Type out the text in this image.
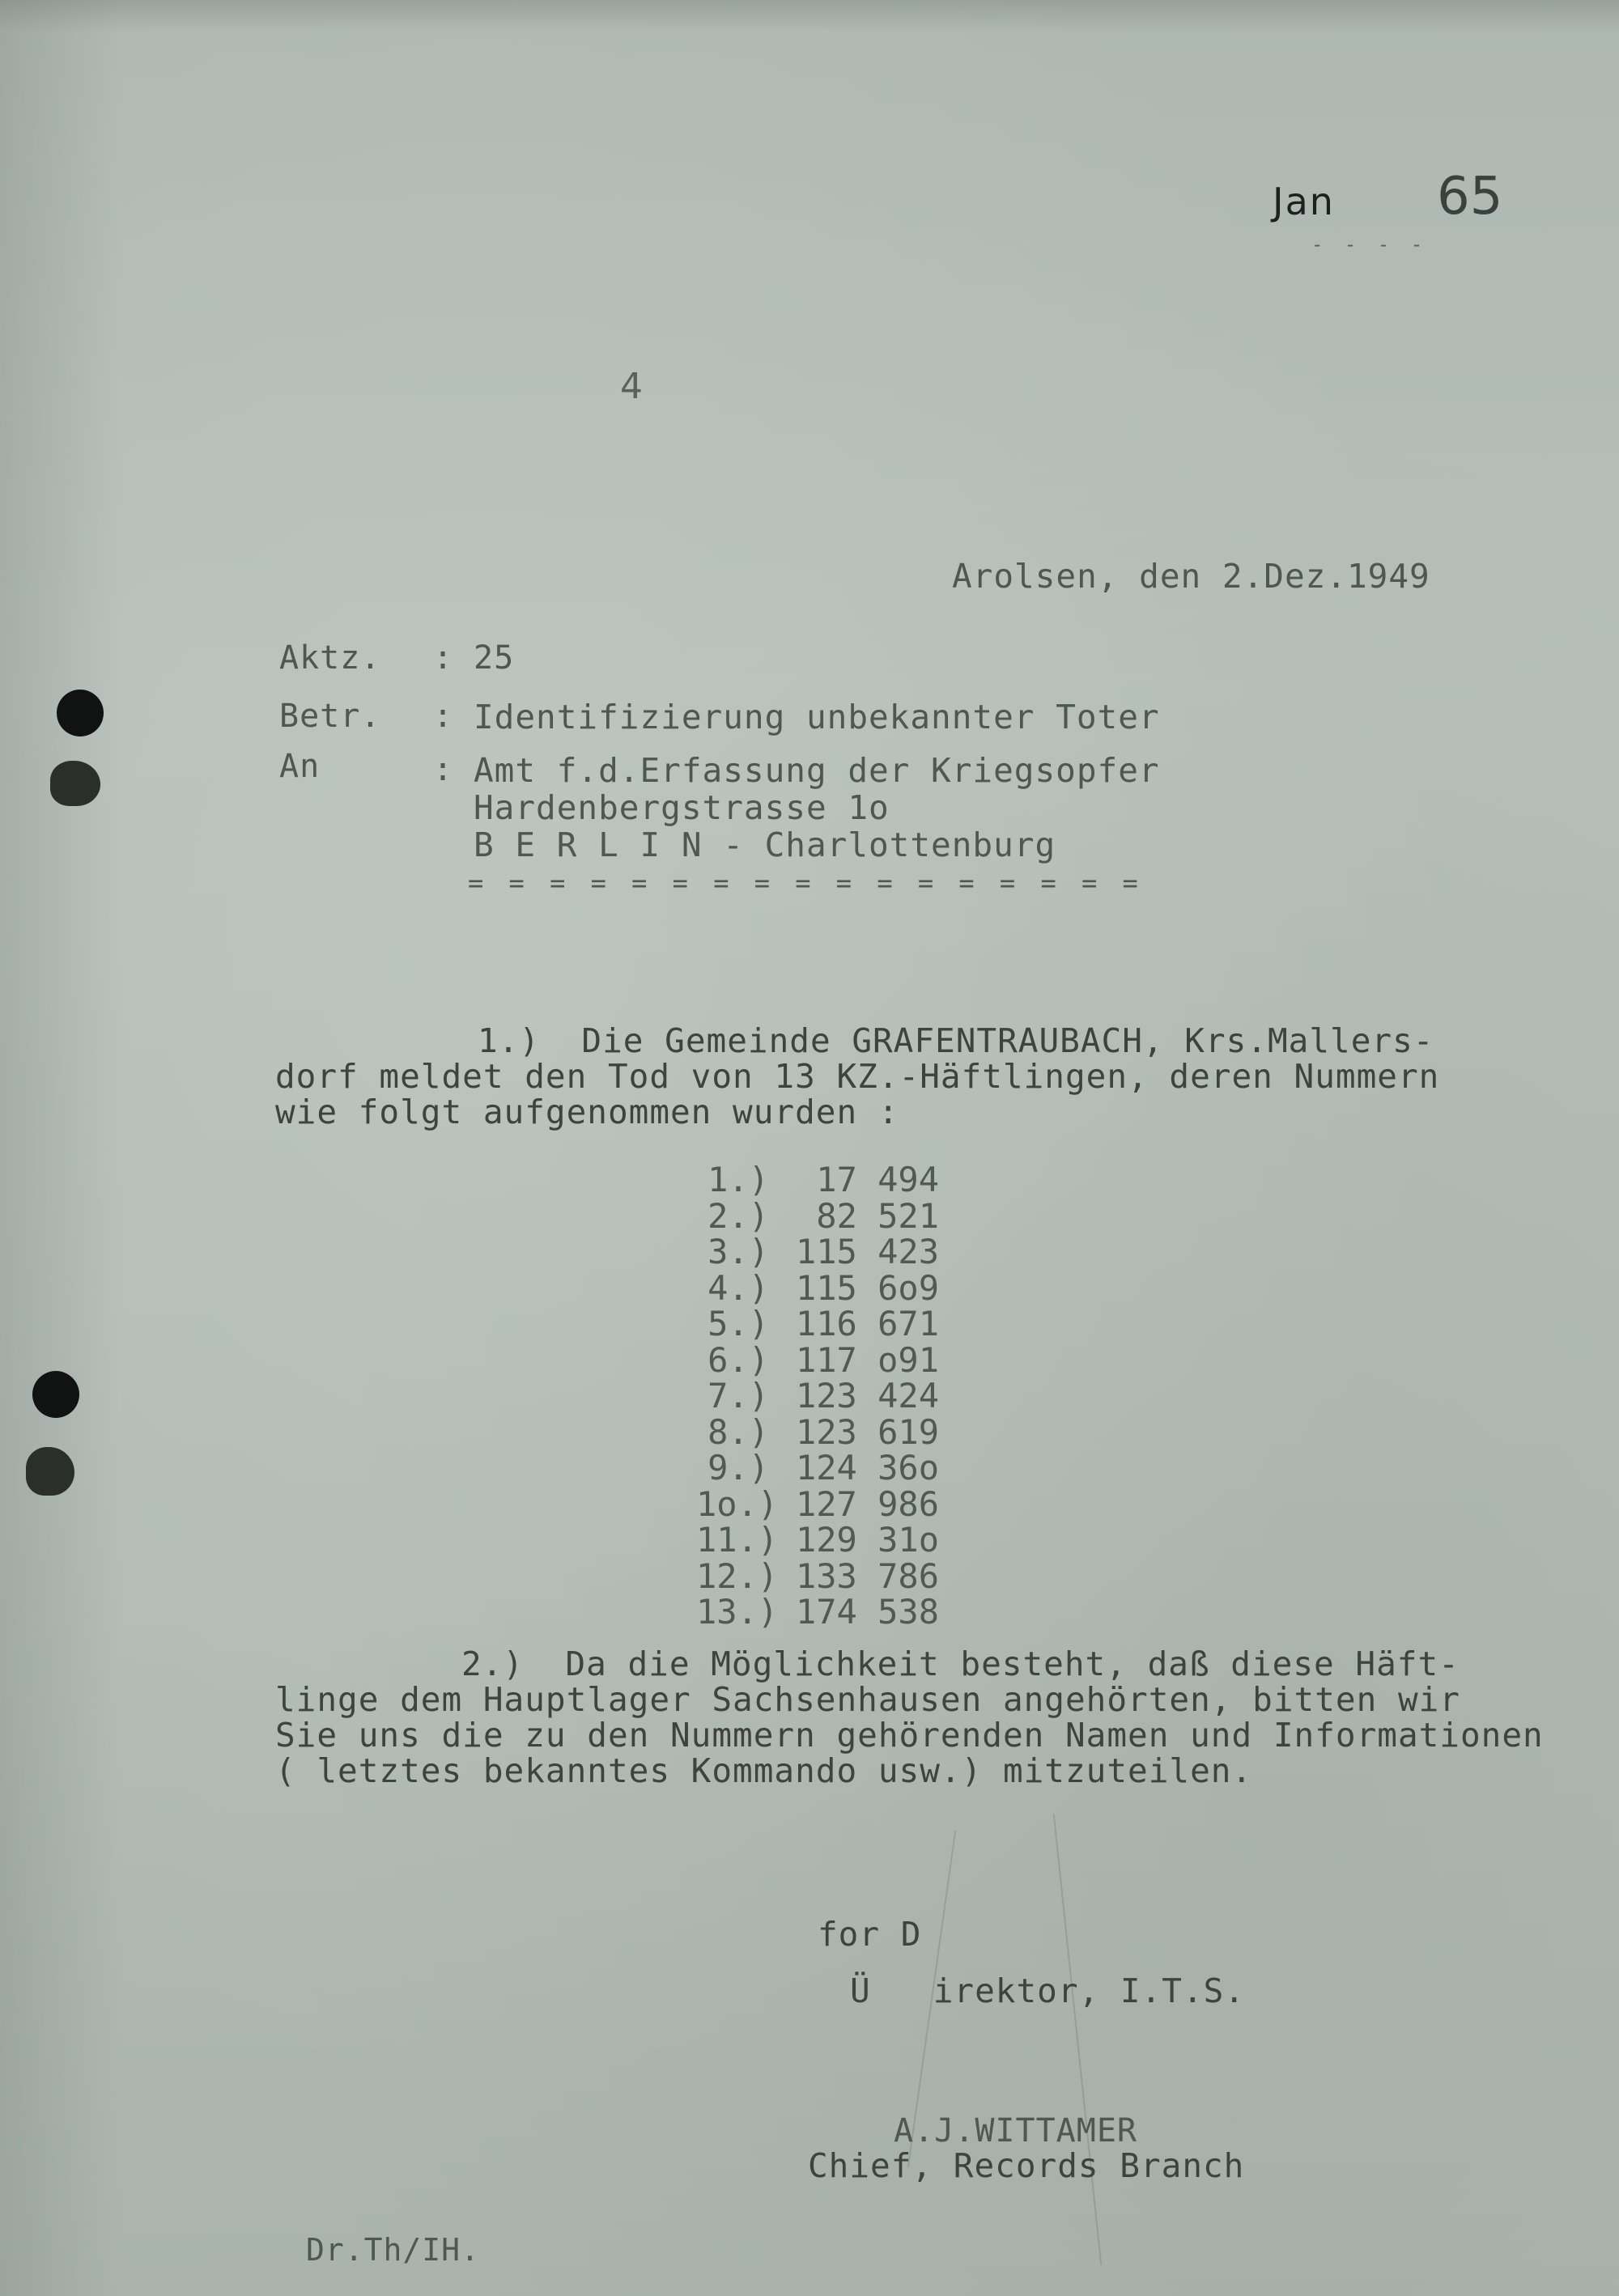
Jan 65
- - - -
4
Arolsen, den 2.Dez.1949
Aktz. : 25
Betr. : Identifizierung unbekannter Toter
An	: Amt f.d.Erfassung der Kriegsopfer
Hardenbergstrasse 1o
B E R L I N - Charlottenburg
= = = = = = = = = = = = = = = = =
1.)  Die Gemeinde GRAFENTRAUBACH, Krs.Mallers-
dorf meldet den Tod von 13 KZ.-Häftlingen, deren Nummern
wie folgt aufgenommen wurden :
1.) 17 494
2.) 82 521
3.) 115 423
4.) 115 6o9
5.) 116 671
6.) 117 o91
7.) 123 424
8.) 123 619
9.) 124 36o
1o.) 127 986
11.) 129 31o
12.) 133 786
13.) 174 538
2.)  Da die Möglichkeit besteht, daß diese Häft-
linge dem Hauptlager Sachsenhausen angehörten, bitten wir
Sie uns die zu den Nummern gehörenden Namen und Informationen
( letztes bekanntes Kommando usw.) mitzuteilen.
for D
Ü   irektor, I.T.S.
A.J.WITTAMER
Chief, Records Branch
Dr.Th/IH.
